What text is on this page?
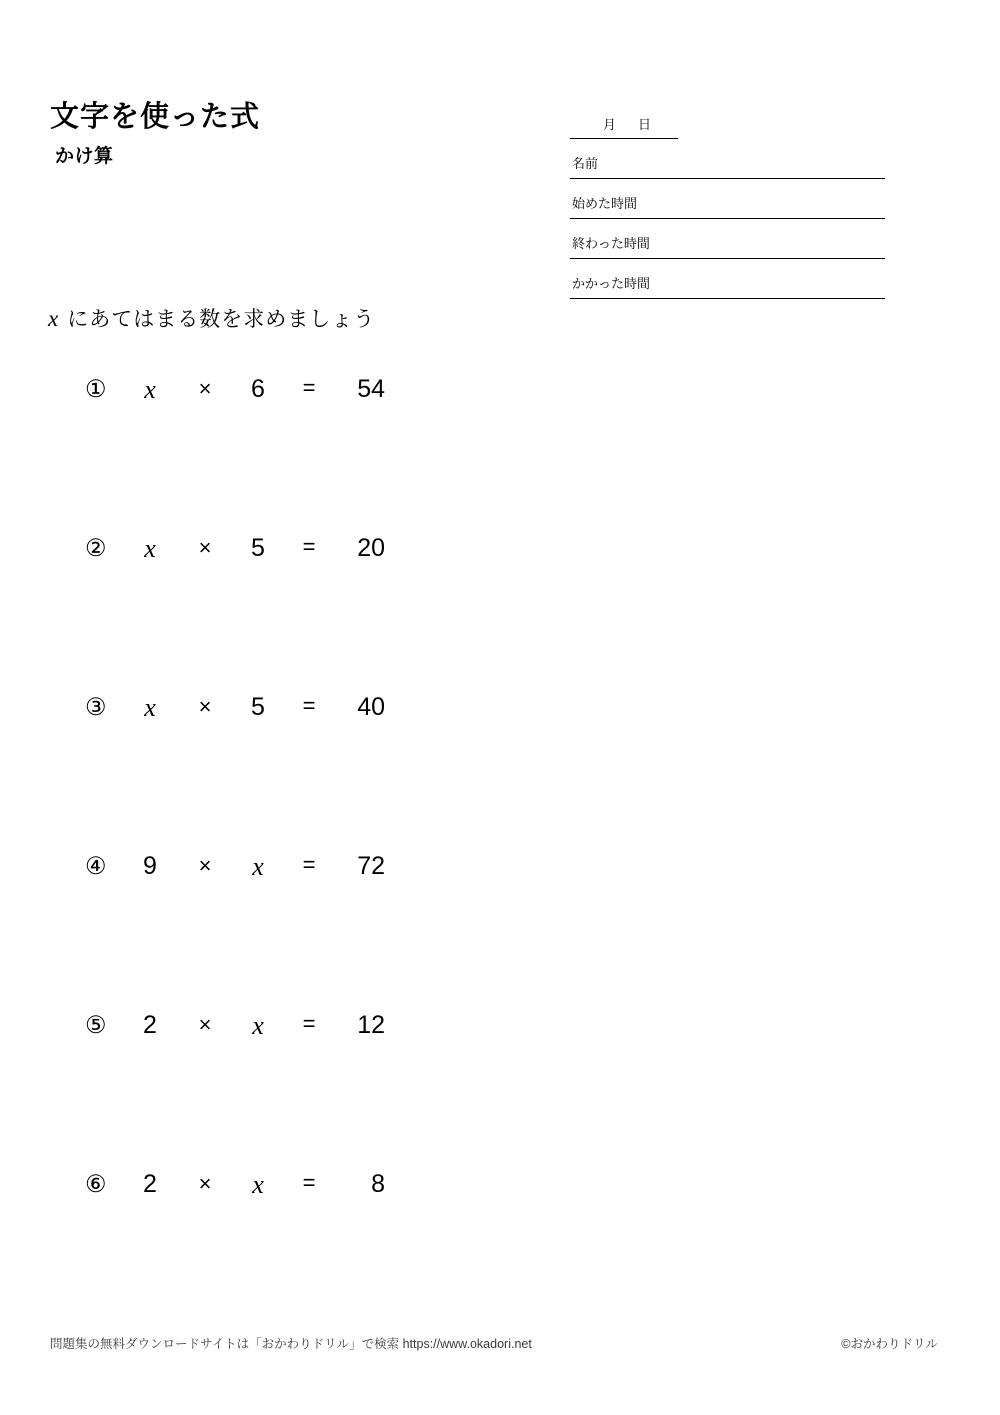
文字を使った式
かけ算
月日
名前
始めた時間
終わった時間
かかった時間
x にあてはまる数を求めましょう
①	x	×	6	=	54
②	x	×	5	=	20
③	x	×	5	=	40
④	9	×	x	=	72
⑤	2	×	x	=	12
⑥	2	×	x	=	8
問題集の無料ダウンロードサイトは「おかわりドリル」で検索 https://www.okadori.net	©おかわりドリル
